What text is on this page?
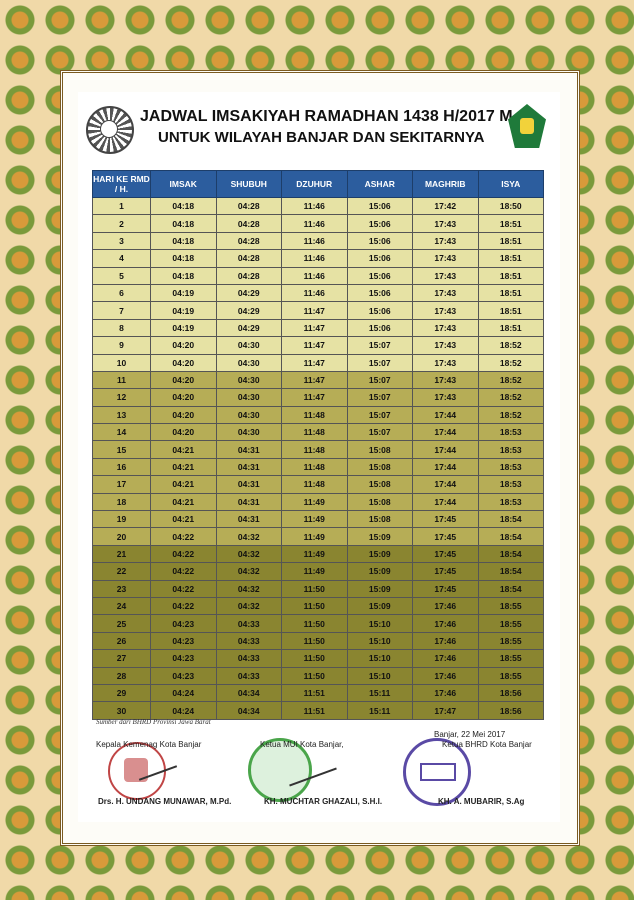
JADWAL IMSAKIYAH RAMADHAN 1438 H/2017 M
UNTUK WILAYAH BANJAR DAN SEKITARNYA
HARI KE RMD / H.	IMSAK	SHUBUH	DZUHUR	ASHAR	MAGHRIB	ISYA
1	04:18	04:28	11:46	15:06	17:42	18:50
2	04:18	04:28	11:46	15:06	17:43	18:51
3	04:18	04:28	11:46	15:06	17:43	18:51
4	04:18	04:28	11:46	15:06	17:43	18:51
5	04:18	04:28	11:46	15:06	17:43	18:51
6	04:19	04:29	11:46	15:06	17:43	18:51
7	04:19	04:29	11:47	15:06	17:43	18:51
8	04:19	04:29	11:47	15:06	17:43	18:51
9	04:20	04:30	11:47	15:07	17:43	18:52
10	04:20	04:30	11:47	15:07	17:43	18:52
11	04:20	04:30	11:47	15:07	17:43	18:52
12	04:20	04:30	11:47	15:07	17:43	18:52
13	04:20	04:30	11:48	15:07	17:44	18:52
14	04:20	04:30	11:48	15:07	17:44	18:53
15	04:21	04:31	11:48	15:08	17:44	18:53
16	04:21	04:31	11:48	15:08	17:44	18:53
17	04:21	04:31	11:48	15:08	17:44	18:53
18	04:21	04:31	11:49	15:08	17:44	18:53
19	04:21	04:31	11:49	15:08	17:45	18:54
20	04:22	04:32	11:49	15:09	17:45	18:54
21	04:22	04:32	11:49	15:09	17:45	18:54
22	04:22	04:32	11:49	15:09	17:45	18:54
23	04:22	04:32	11:50	15:09	17:45	18:54
24	04:22	04:32	11:50	15:09	17:46	18:55
25	04:23	04:33	11:50	15:10	17:46	18:55
26	04:23	04:33	11:50	15:10	17:46	18:55
27	04:23	04:33	11:50	15:10	17:46	18:55
28	04:23	04:33	11:50	15:10	17:46	18:55
29	04:24	04:34	11:51	15:11	17:46	18:56
30	04:24	04:34	11:51	15:11	17:47	18:56
Sumber dari BHRD Provinsi Jawa Barat
Kepala Kemenag Kota Banjar	Ketua MUI Kota Banjar,
Banjar, 22 Mei 2017
Ketua BHRD Kota Banjar
Drs. H. UNDANG MUNAWAR, M.Pd.	KH. MUCHTAR GHAZALI, S.H.I.	KH. A. MUBARIR, S.Ag
